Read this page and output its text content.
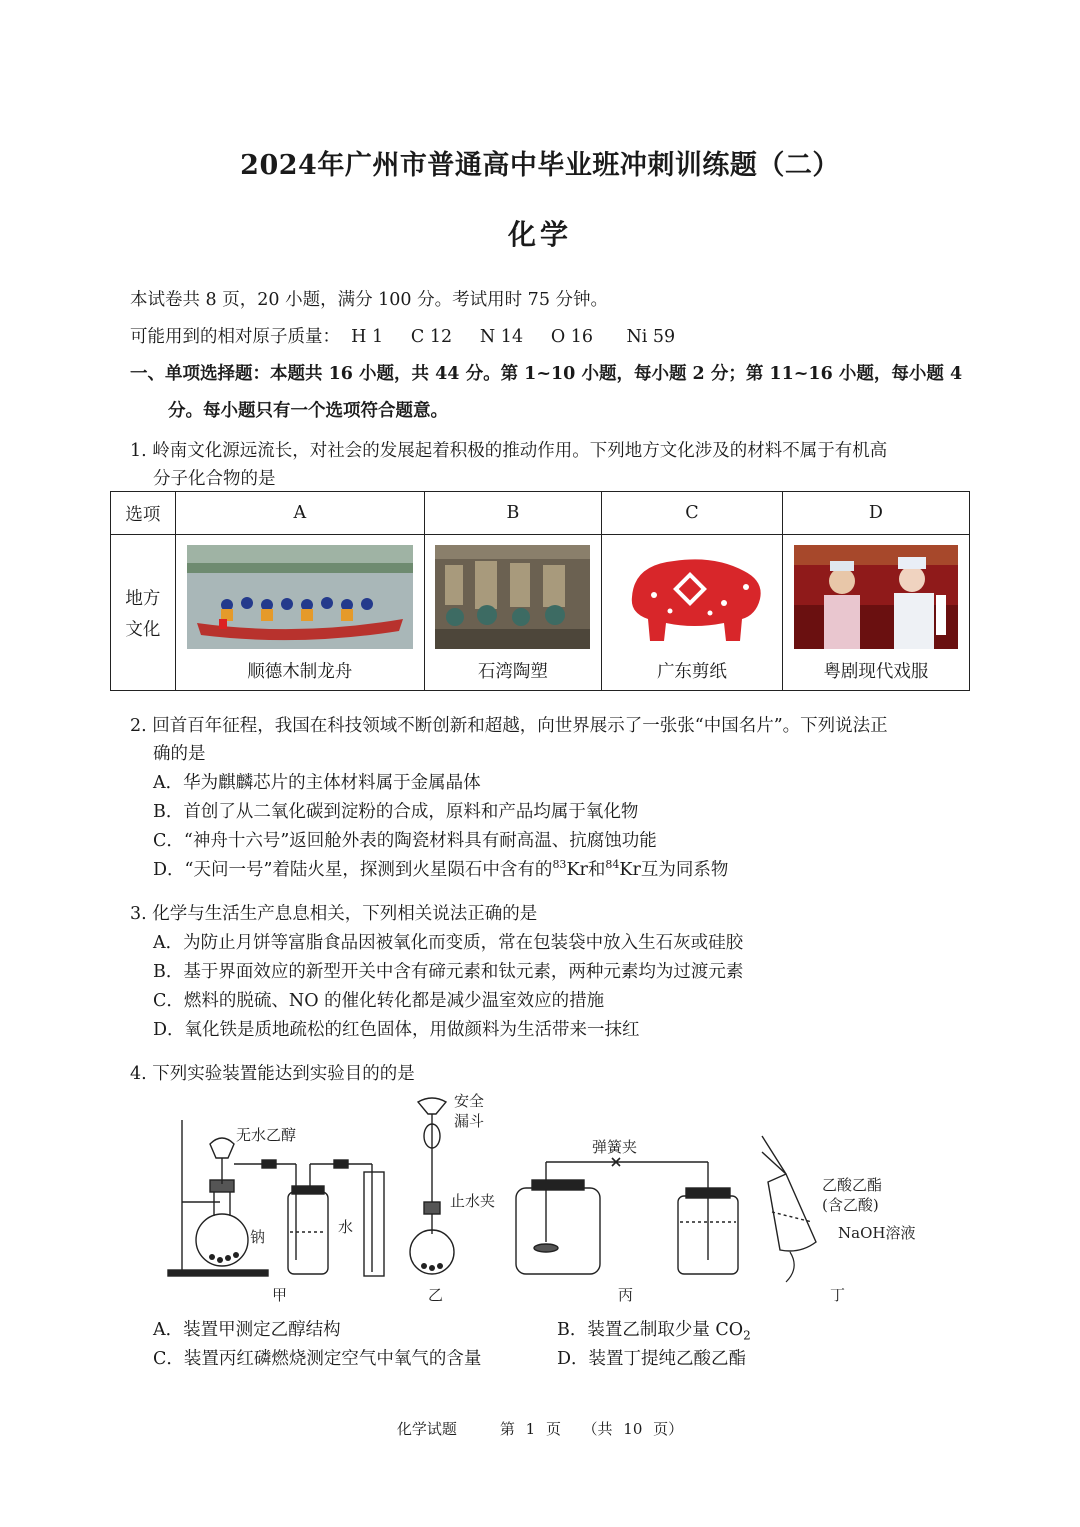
2024年广州市普通高中毕业班冲刺训练题（二）
化学
本试卷共 8 页，20 小题，满分 100 分。考试用时 75 分钟。
可能用到的相对原子质量：  H 1     C 12     N 14     O 16      Ni 59
一、单项选择题：本题共 16 小题，共 44 分。第 1~10 小题，每小题 2 分；第 11~16 小题，每小题 4
分。每小题只有一个选项符合题意。
1. 岭南文化源远流长，对社会的发展起着积极的推动作用。下列地方文化涉及的材料不属于有机高
分子化合物的是
选项	A	B	C	D

地方
文化	顺德木制龙舟	石湾陶塑	广东剪纸	粤剧现代戏服
2. 回首百年征程，我国在科技领域不断创新和超越，向世界展示了一张张“中国名片”。下列说法正
确的是
A．华为麒麟芯片的主体材料属于金属晶体
B．首创了从二氧化碳到淀粉的合成，原料和产品均属于氧化物
C．“神舟十六号”返回舱外表的陶瓷材料具有耐高温、抗腐蚀功能
D．“天问一号”着陆火星，探测到火星陨石中含有的$^{83}$Kr和$^{84}$Kr互为同系物
3. 化学与生活生产息息相关，下列相关说法正确的是
A．为防止月饼等富脂食品因被氧化而变质，常在包装袋中放入生石灰或硅胶
B．基于界面效应的新型开关中含有碲元素和钛元素，两种元素均为过渡元素
C．燃料的脱硫、NO 的催化转化都是减少温室效应的措施
D．氧化铁是质地疏松的红色固体，用做颜料为生活带来一抹红
4. 下列实验装置能达到实验目的的是
无水乙醇
钠
水
甲
安全
漏斗
止水夹
乙
弹簧夹
丙
乙酸乙酯
(含乙酸)
NaOH溶液
丁
A．装置甲测定乙醇结构	B．装置乙制取少量 $CO_2$
C．装置丙红磷燃烧测定空气中氧气的含量	D．装置丁提纯乙酸乙酯
化学试题    第 1 页  （共 10 页）
